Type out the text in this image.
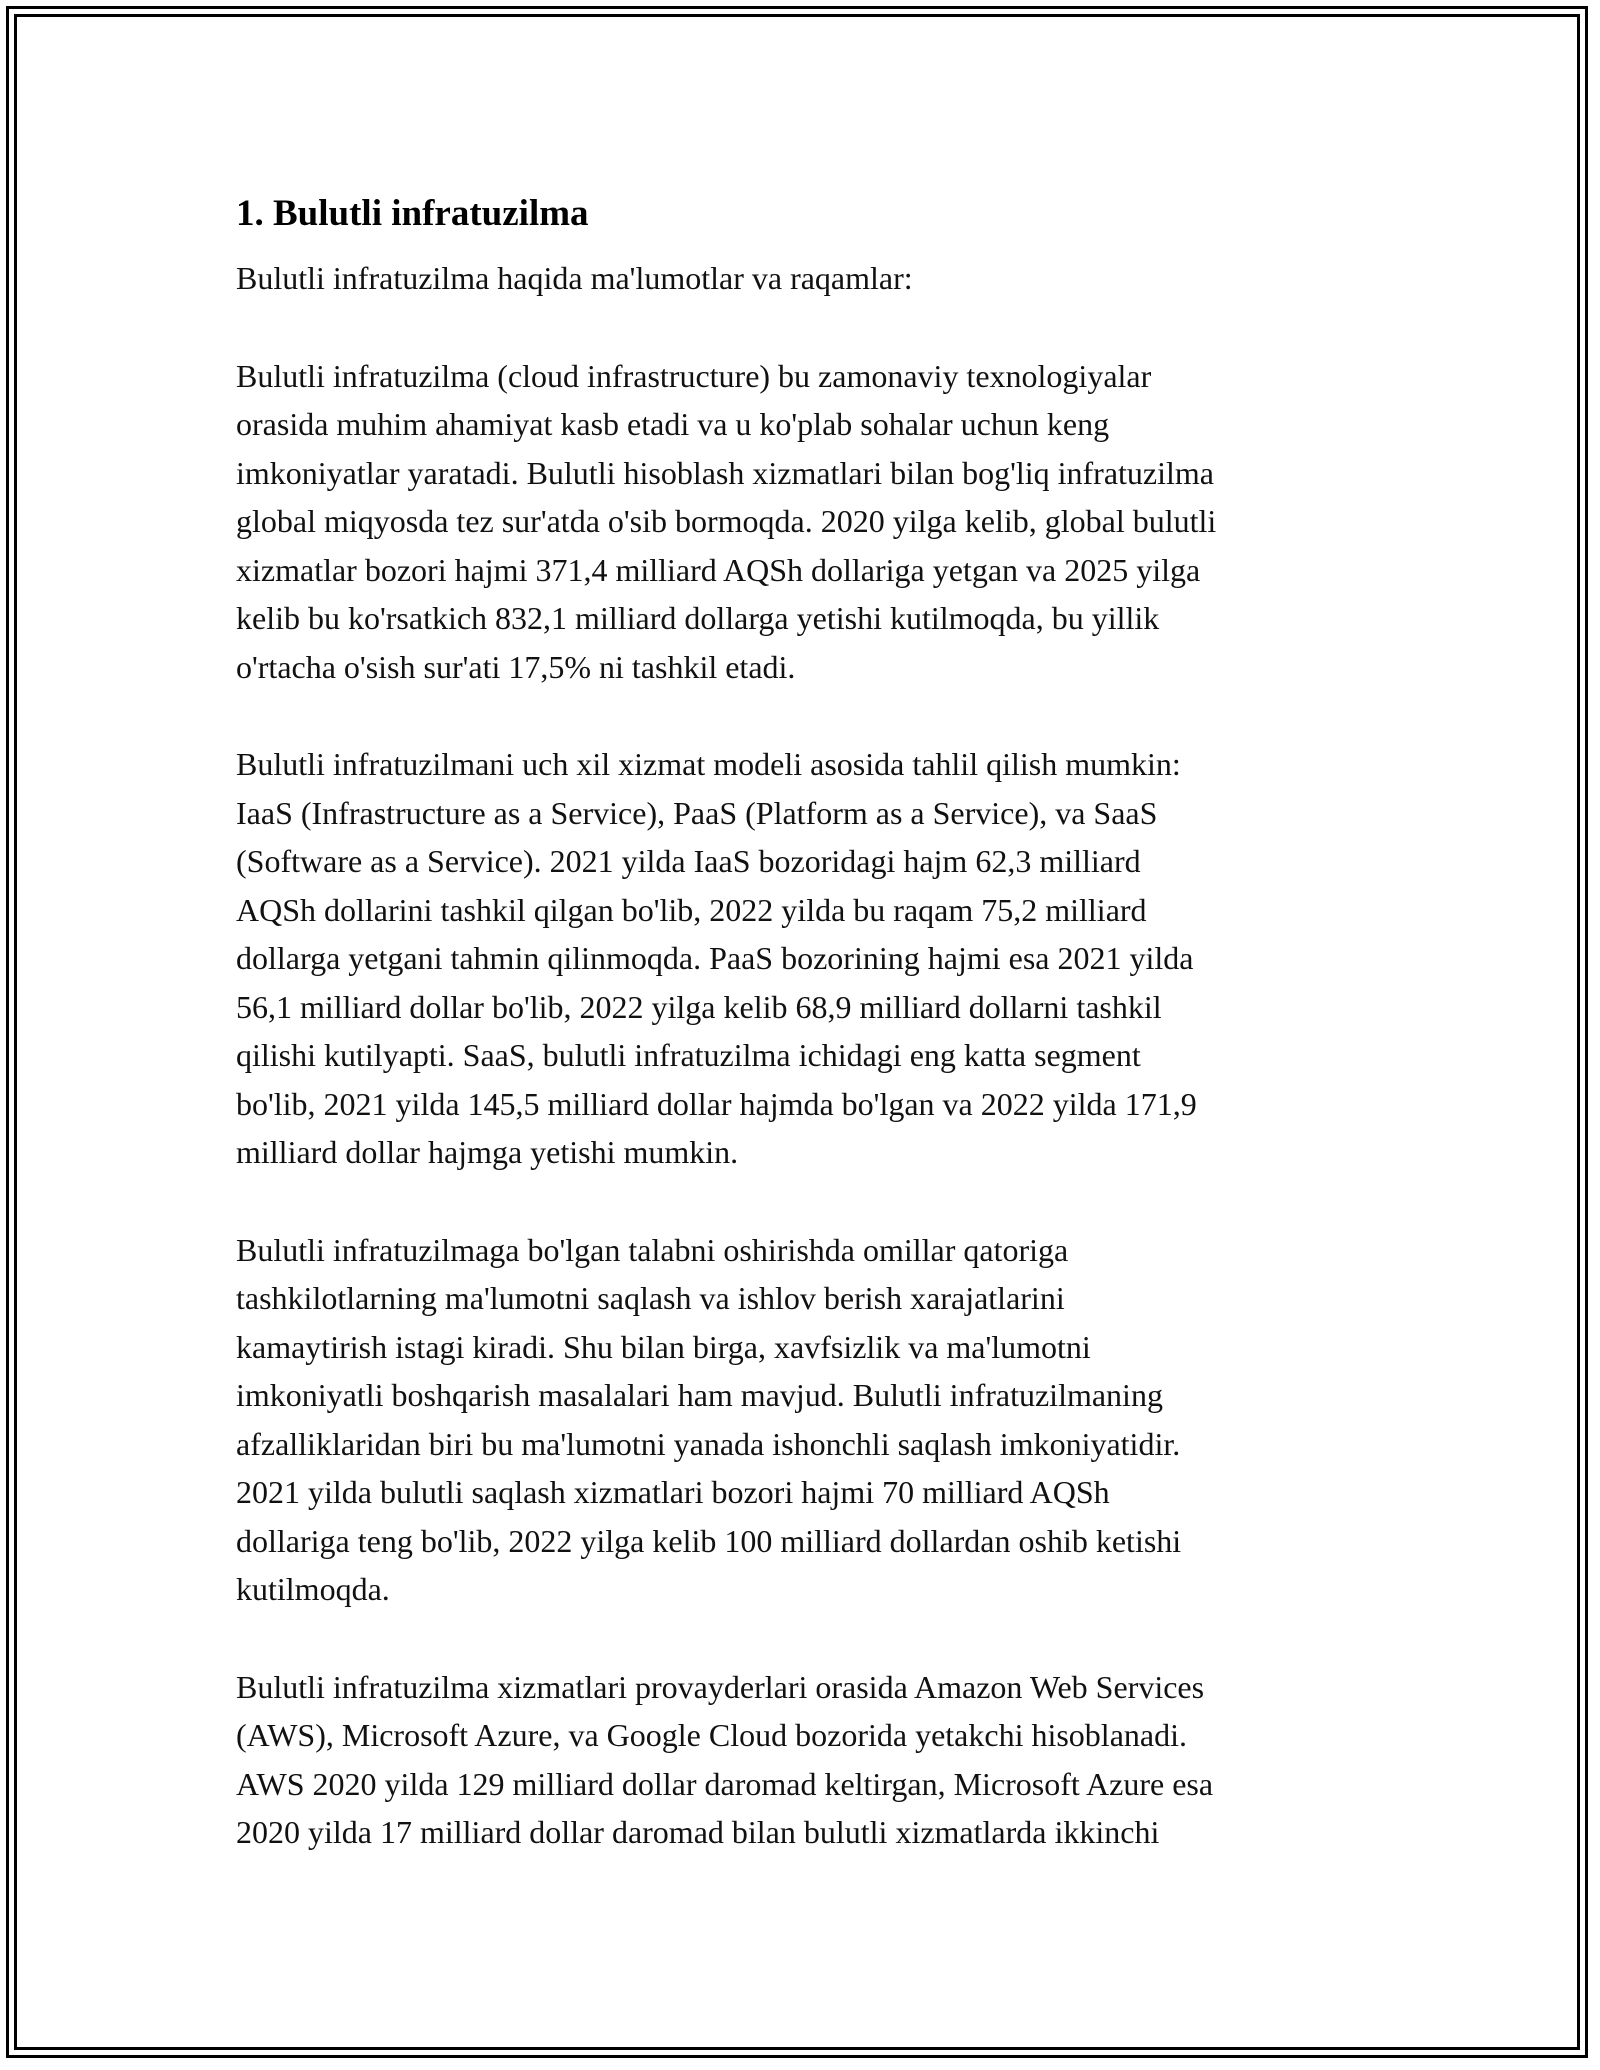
1. Bulutli infratuzilma

Bulutli infratuzilma haqida ma'lumotlar va raqamlar:

Bulutli infratuzilma (cloud infrastructure) bu zamonaviy texnologiyalar
orasida muhim ahamiyat kasb etadi va u ko'plab sohalar uchun keng
imkoniyatlar yaratadi. Bulutli hisoblash xizmatlari bilan bog'liq infratuzilma
global miqyosda tez sur'atda o'sib bormoqda. 2020 yilga kelib, global bulutli
xizmatlar bozori hajmi 371,4 milliard AQSh dollariga yetgan va 2025 yilga
kelib bu ko'rsatkich 832,1 milliard dollarga yetishi kutilmoqda, bu yillik
o'rtacha o'sish sur'ati 17,5% ni tashkil etadi.

Bulutli infratuzilmani uch xil xizmat modeli asosida tahlil qilish mumkin:
IaaS (Infrastructure as a Service), PaaS (Platform as a Service), va SaaS
(Software as a Service). 2021 yilda IaaS bozoridagi hajm 62,3 milliard
AQSh dollarini tashkil qilgan bo'lib, 2022 yilda bu raqam 75,2 milliard
dollarga yetgani tahmin qilinmoqda. PaaS bozorining hajmi esa 2021 yilda
56,1 milliard dollar bo'lib, 2022 yilga kelib 68,9 milliard dollarni tashkil
qilishi kutilyapti. SaaS, bulutli infratuzilma ichidagi eng katta segment
bo'lib, 2021 yilda 145,5 milliard dollar hajmda bo'lgan va 2022 yilda 171,9
milliard dollar hajmga yetishi mumkin.

Bulutli infratuzilmaga bo'lgan talabni oshirishda omillar qatoriga
tashkilotlarning ma'lumotni saqlash va ishlov berish xarajatlarini
kamaytirish istagi kiradi. Shu bilan birga, xavfsizlik va ma'lumotni
imkoniyatli boshqarish masalalari ham mavjud. Bulutli infratuzilmaning
afzalliklaridan biri bu ma'lumotni yanada ishonchli saqlash imkoniyatidir.
2021 yilda bulutli saqlash xizmatlari bozori hajmi 70 milliard AQSh
dollariga teng bo'lib, 2022 yilga kelib 100 milliard dollardan oshib ketishi
kutilmoqda.

Bulutli infratuzilma xizmatlari provayderlari orasida Amazon Web Services
(AWS), Microsoft Azure, va Google Cloud bozorida yetakchi hisoblanadi.
AWS 2020 yilda 129 milliard dollar daromad keltirgan, Microsoft Azure esa
2020 yilda 17 milliard dollar daromad bilan bulutli xizmatlarda ikkinchi
